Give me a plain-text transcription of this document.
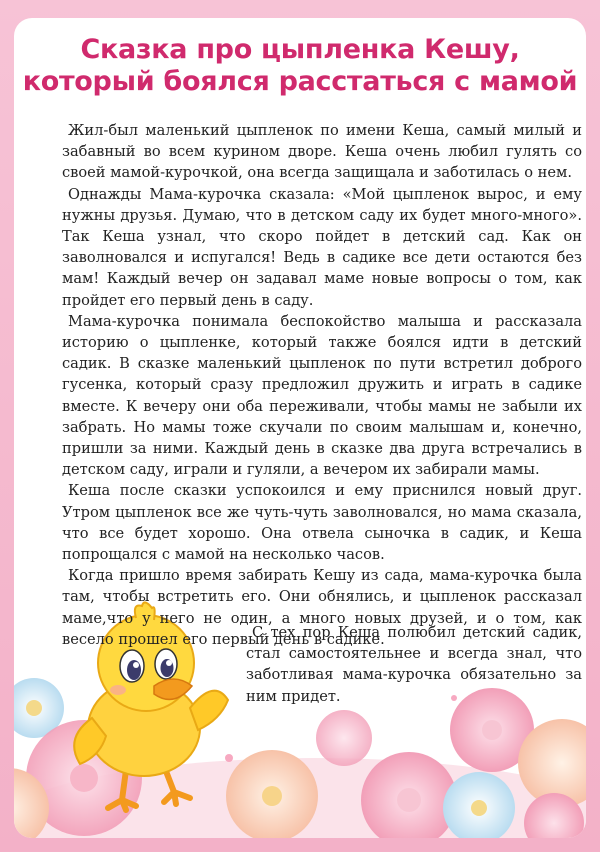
Сказка про цыпленка Кешу,
который боялся расстаться с мамой

Жил-был маленький цыпленок по имени Кеша, самый милый и забавный во всем курином дворе. Кеша очень любил гулять со своей мамой-курочкой, она всегда защищала и заботилась о нем.

Однажды Мама-курочка сказала: «Мой цыпленок вырос, и ему нужны друзья. Думаю, что в детском саду их будет много-много». Так Кеша узнал, что скоро пойдет в детский сад. Как он заволновался и испугался! Ведь в садике все дети остаются без мам! Каждый вечер он задавал маме новые вопросы о том, как пройдет его первый день в саду.

Мама-курочка понимала беспокойство малыша и рассказала историю о цыпленке, который также боялся идти в детский садик. В сказке маленький цыпленок по пути встретил доброго гусенка, который сразу предложил дружить и играть в садике вместе. К вечеру они оба переживали, чтобы мамы не забыли их забрать. Но мамы тоже скучали по своим малышам и, конечно, пришли за ними. Каждый день в сказке два друга встречались в детском саду, играли и гуляли, а вечером их забирали мамы.

Кеша после сказки успокоился и ему приснился новый друг. Утром цыпленок все же чуть-чуть заволновался, но мама сказала, что все будет хорошо. Она отвела сыночка в садик, и Кеша попрощался с мамой на несколько часов.

Когда пришло время забирать Кешу из сада, мама-курочка была там, чтобы встретить его. Они обнялись, и цыпленок рассказал маме,что у него не один, а много новых друзей, и о том, как весело прошел его первый день в садике.

С тех пор Кеша полюбил детский садик, стал самостоятельнее и всегда знал, что заботливая мама-курочка обязательно за ним придет.
